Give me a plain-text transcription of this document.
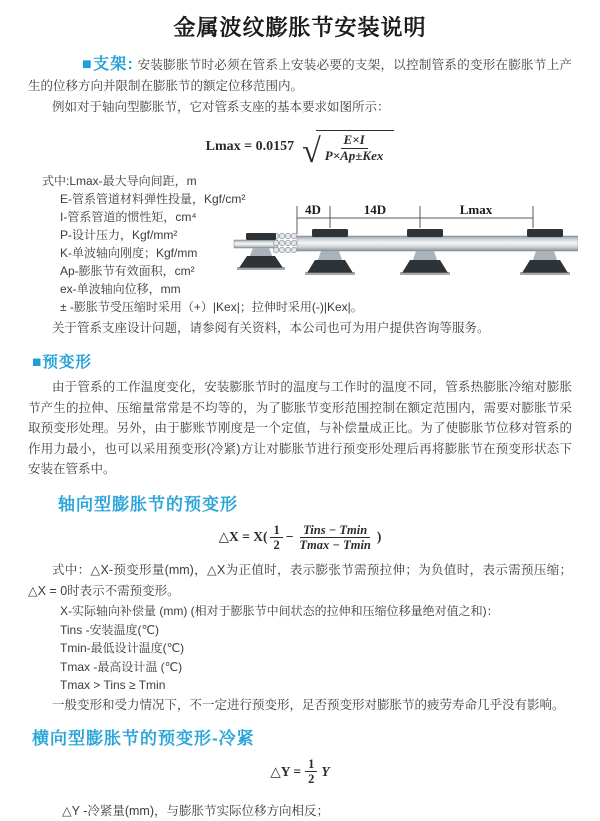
金属波纹膨胀节安装说明

■支架: 安装膨胀节时必须在管系上安装必要的支架，以控制管系的变形在膨胀节上产生的位移方向并限制在膨胀节的额定位移范围内。

例如对于轴向型膨胀节，它对管系支座的基本要求如图所示：

Lmax = 0.0157 √ $\frac{E\times I}{\text{P×Ap±Kex}}$
式中:Lmax-最大导向间距，m
E-管系管道材料弹性投量，Kgf/cm²
I-管系管道的惯性矩，cm⁴
P-设计压力，Kgf/mm²
K-单波轴向刚度；Kgf/mm
Ap-膨胀节有效面积，cm²
ex-单波轴向位移，mm
± -膨胀节受压缩时采用（+）|Kex|；拉伸时采用(-)|Kex|。
4D	14D	Lmax

关于管系支座设计问题，请参阅有关资料，本公司也可为用户提供咨询等服务。

■预变形

由于管系的工作温度变化，安装膨胀节时的温度与工作时的温度不同，管系热膨胀冷缩对膨胀节产生的拉伸、压缩量常常是不均等的，为了膨胀节变形范围控制在额定范围内，需要对膨胀节采取预变形处理。另外，由于膨账节刚度是一个定值，与补偿量成正比。为了使膨胀节位移对管系的作用力最小，也可以采用预变形(冷紧)方让对膨胀节进行预变形处理后再将膨胀节在预变形状态下安装在管系中。

轴向型膨胀节的预变形
△X = $X( \frac{1}{2} - \frac{\text{Tins − Tmin}}{Tmax - Tmin}$ )

式中：△X-预变形量(mm)，△X为正值时，表示膨张节需预拉伸；为负值时，表示需预压缩；△X = 0时表示不需预变形。

X-实际轴向补偿量 (mm) (相对于膨胀节中间状态的拉伸和压缩位移量绝对值之和)：
Tins -安装温度(℃)
Tmin-最低设计温度(℃)
Tmax -最高设计温 (℃)
Tmax > Tins ≥ Tmin

一般变形和受力情况下，不一定进行预变形，足否预变形对膨胀节的疲劳寿命几乎没有影响。

横向型膨胀节的预变形-冷紧
△Y = $\frac{1}{2}$ Y

△Y -冷紧量(mm)，与膨胀节实际位移方向相反；
